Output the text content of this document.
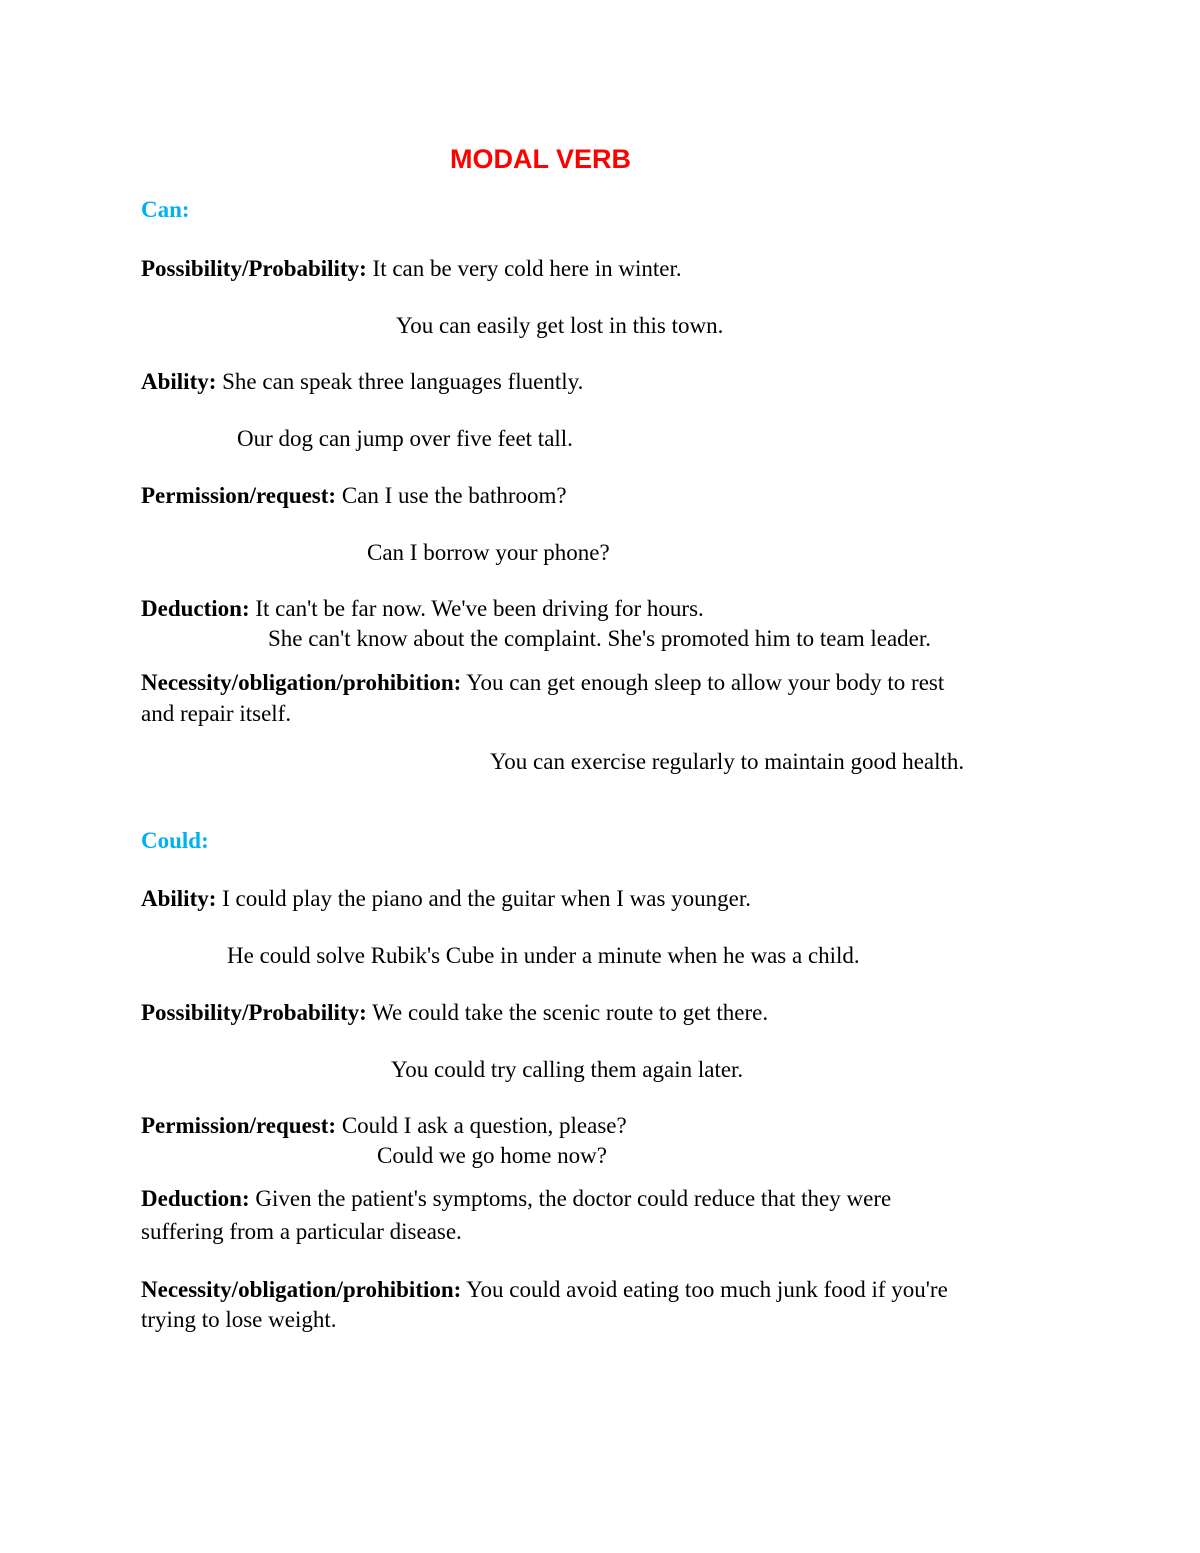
MODAL VERB
Can:
Possibility/Probability: It can be very cold here in winter.
You can easily get lost in this town.
Ability: She can speak three languages fluently.
Our dog can jump over five feet tall.
Permission/request: Can I use the bathroom?
Can I borrow your phone?
Deduction: It can't be far now. We've been driving for hours.
She can't know about the complaint. She's promoted him to team leader.
Necessity/obligation/prohibition: You can get enough sleep to allow your body to rest
and repair itself.
You can exercise regularly to maintain good health.
Could:
Ability: I could play the piano and the guitar when I was younger.
He could solve Rubik's Cube in under a minute when he was a child.
Possibility/Probability: We could take the scenic route to get there.
You could try calling them again later.
Permission/request: Could I ask a question, please?
Could we go home now?
Deduction: Given the patient's symptoms, the doctor could reduce that they were
suffering from a particular disease.
Necessity/obligation/prohibition: You could avoid eating too much junk food if you're
trying to lose weight.
